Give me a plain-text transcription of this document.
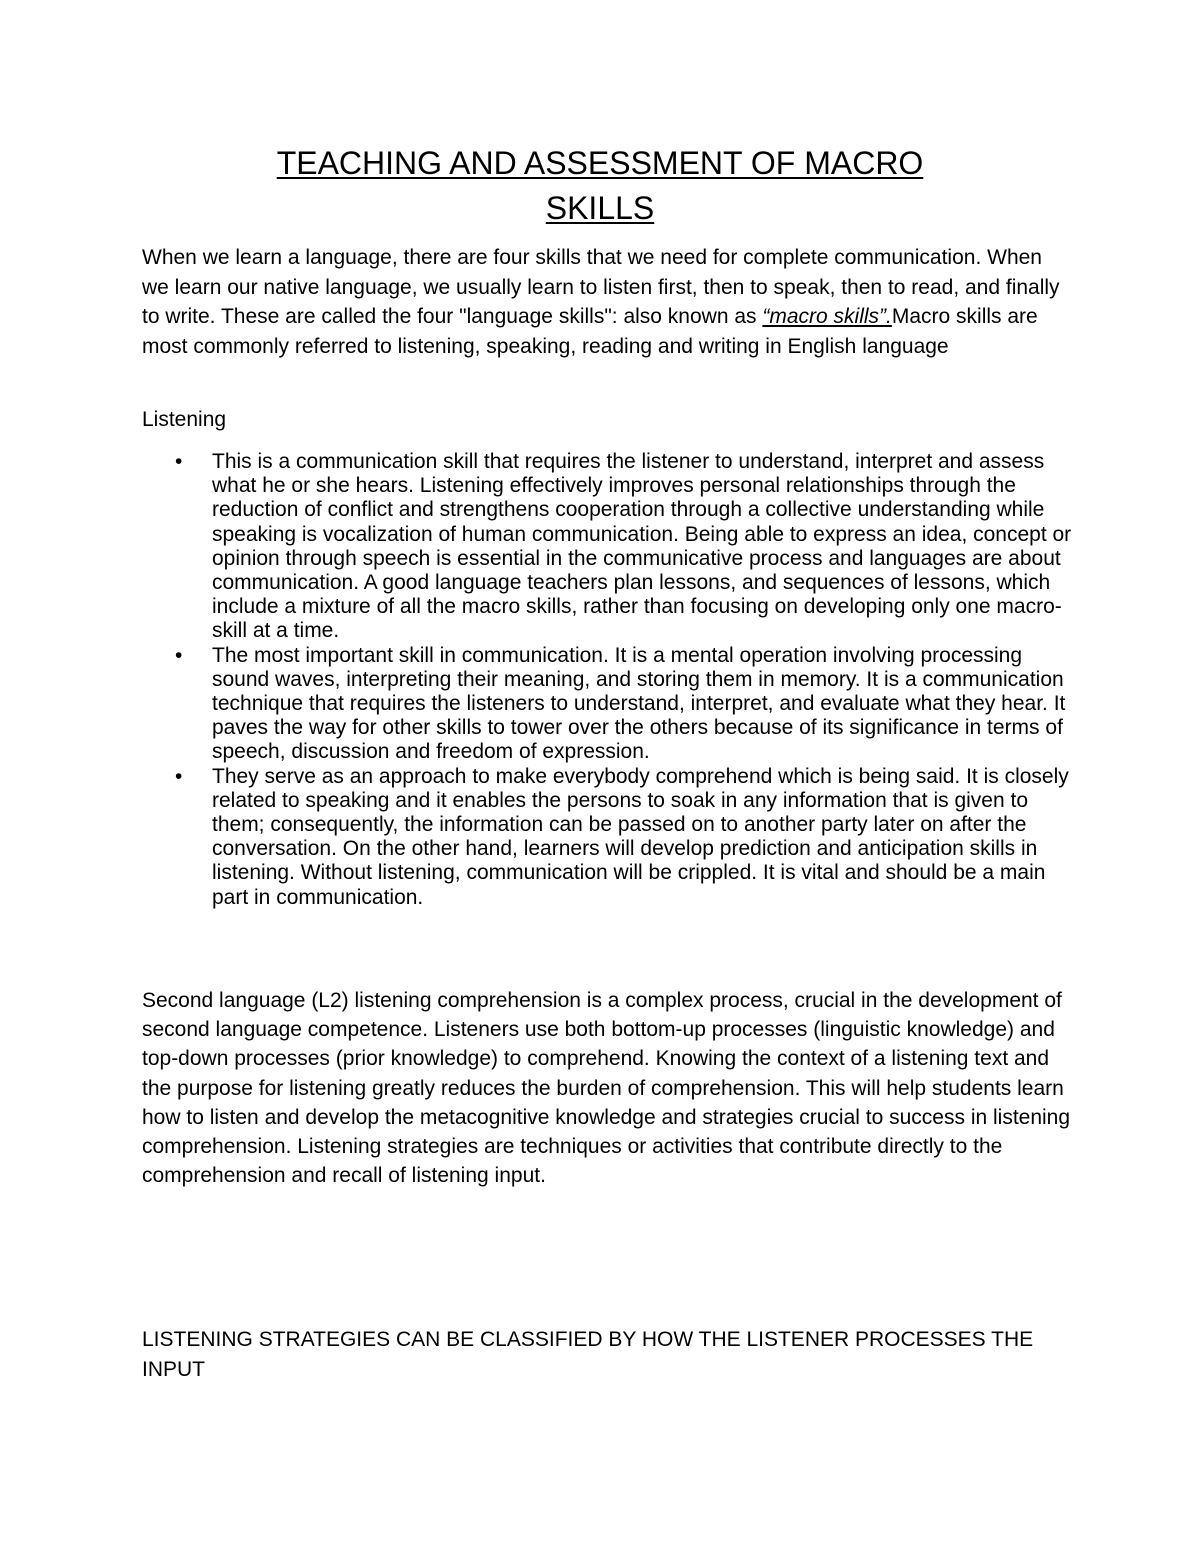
TEACHING AND ASSESSMENT OF MACRO
SKILLS

When we learn a language, there are four skills that we need for complete communication. When we learn our native language, we usually learn to listen first, then to speak, then to read, and finally to write. These are called the four "language skills": also known as “macro skills”.Macro skills are most commonly referred to listening, speaking, reading and writing in English language

Listening
• This is a communication skill that requires the listener to understand, interpret and assess what he or she hears. Listening effectively improves personal relationships through the reduction of conflict and strengthens cooperation through a collective understanding while speaking is vocalization of human communication. Being able to express an idea, concept or opinion through speech is essential in the communicative process and languages are about communication. A good language teachers plan lessons, and sequences of lessons, which include a mixture of all the macro skills, rather than focusing on developing only one macro-skill at a time.
• The most important skill in communication. It is a mental operation involving processing sound waves, interpreting their meaning, and storing them in memory. It is a communication technique that requires the listeners to understand, interpret, and evaluate what they hear. It paves the way for other skills to tower over the others because of its significance in terms of speech, discussion and freedom of expression.
• They serve as an approach to make everybody comprehend which is being said. It is closely related to speaking and it enables the persons to soak in any information that is given to them; consequently, the information can be passed on to another party later on after the conversation. On the other hand, learners will develop prediction and anticipation skills in listening. Without listening, communication will be crippled. It is vital and should be a main part in communication.

Second language (L2) listening comprehension is a complex process, crucial in the development of second language competence. Listeners use both bottom-up processes (linguistic knowledge) and top-down processes (prior knowledge) to comprehend. Knowing the context of a listening text and the purpose for listening greatly reduces the burden of comprehension. This will help students learn how to listen and develop the metacognitive knowledge and strategies crucial to success in listening comprehension. Listening strategies are techniques or activities that contribute directly to the comprehension and recall of listening input.

LISTENING STRATEGIES CAN BE CLASSIFIED BY HOW THE LISTENER PROCESSES THE INPUT
